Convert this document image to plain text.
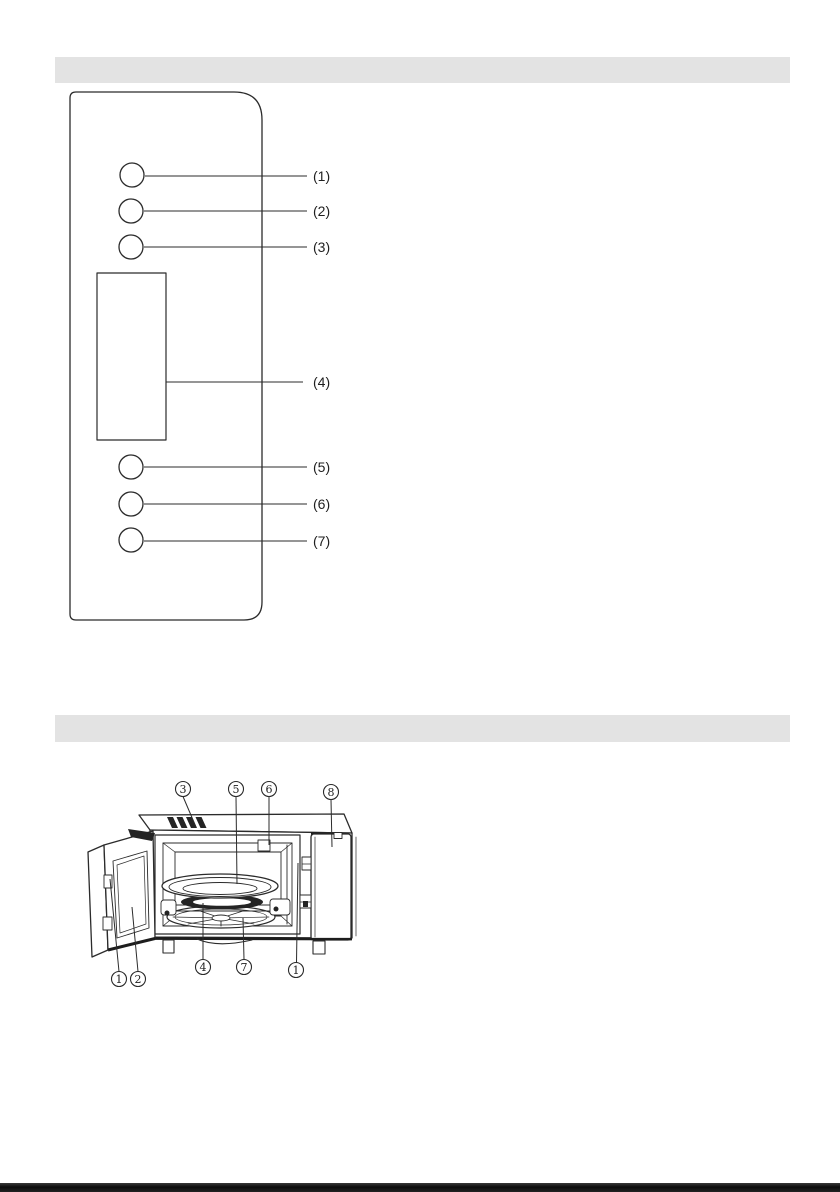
(1)
(2)
(3)
(4)
(5)
(6)
(7)
3	5 6	8
1 2
4	7	1
